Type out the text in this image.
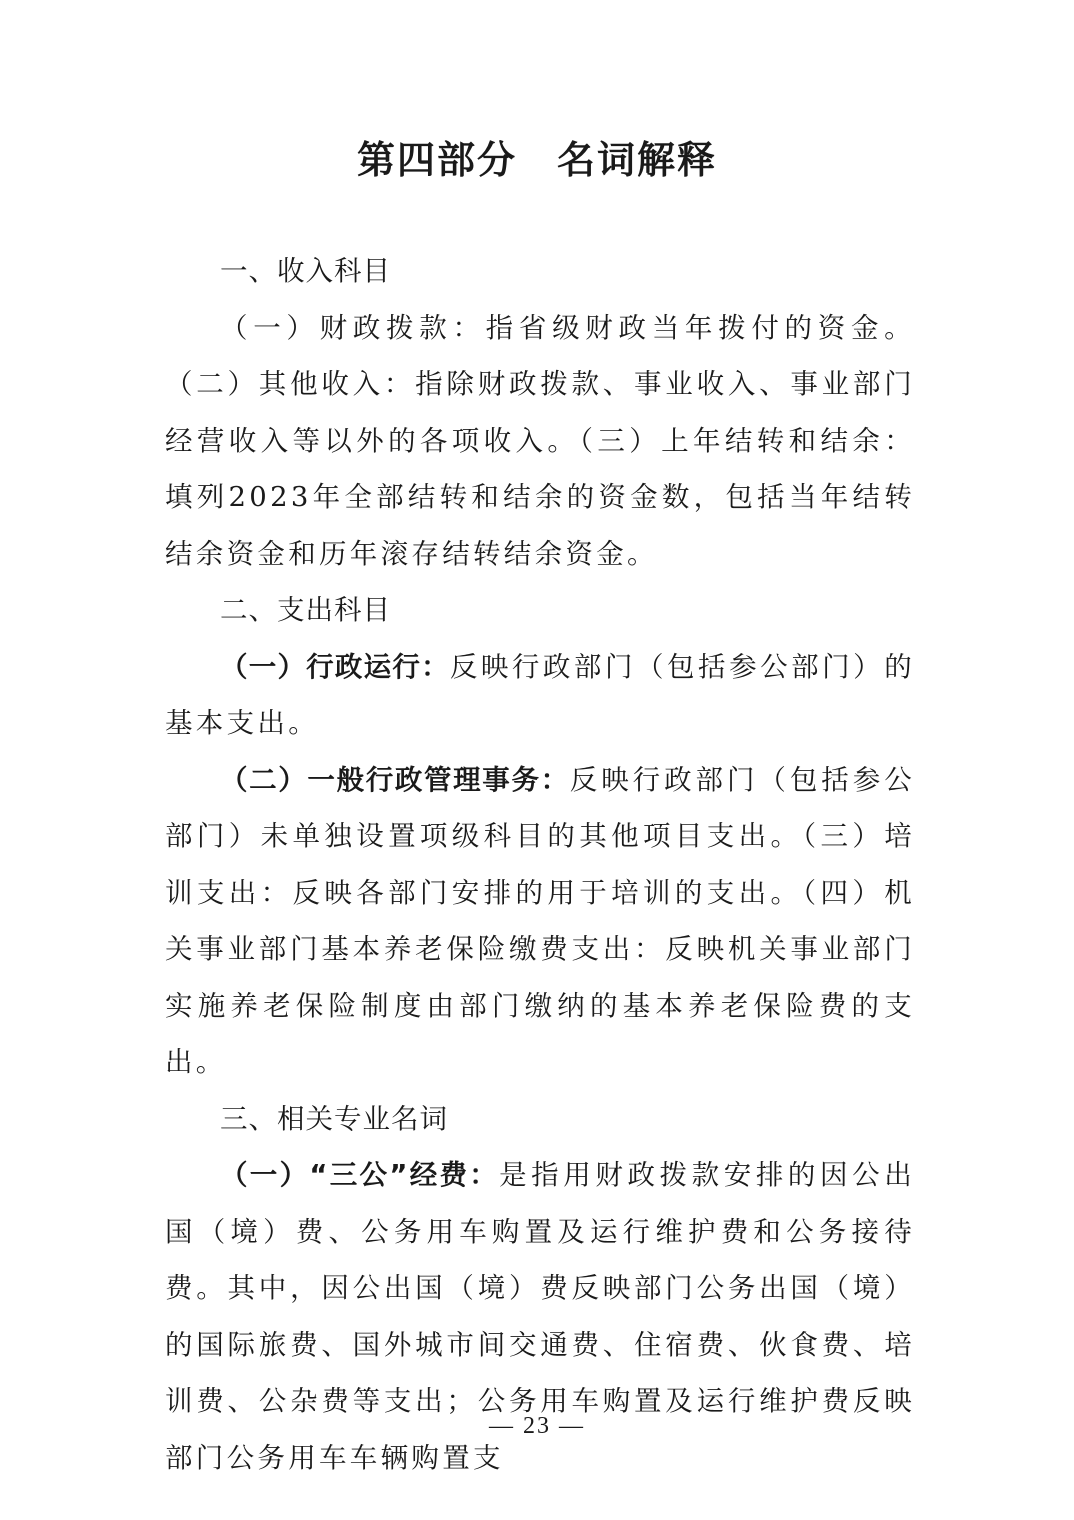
第四部分　名词解释

一、收入科目

（一）财政拨款：指省级财政当年拨付的资金。（二）其他收入：指除财政拨款、事业收入、事业部门经营收入等以外的各项收入。（三）上年结转和结余：填列2023年全部结转和结余的资金数，包括当年结转结余资金和历年滚存结转结余资金。

二、支出科目

（一）行政运行：反映行政部门（包括参公部门）的基本支出。

（二）一般行政管理事务：反映行政部门（包括参公部门）未单独设置项级科目的其他项目支出。（三）培训支出：反映各部门安排的用于培训的支出。（四）机关事业部门基本养老保险缴费支出：反映机关事业部门实施养老保险制度由部门缴纳的基本养老保险费的支出。

三、相关专业名词

（一）“三公”经费：是指用财政拨款安排的因公出国（境）费、公务用车购置及运行维护费和公务接待费。其中，因公出国（境）费反映部门公务出国（境）的国际旅费、国外城市间交通费、住宿费、伙食费、培训费、公杂费等支出；公务用车购置及运行维护费反映部门公务用车车辆购置支

— 23 —
